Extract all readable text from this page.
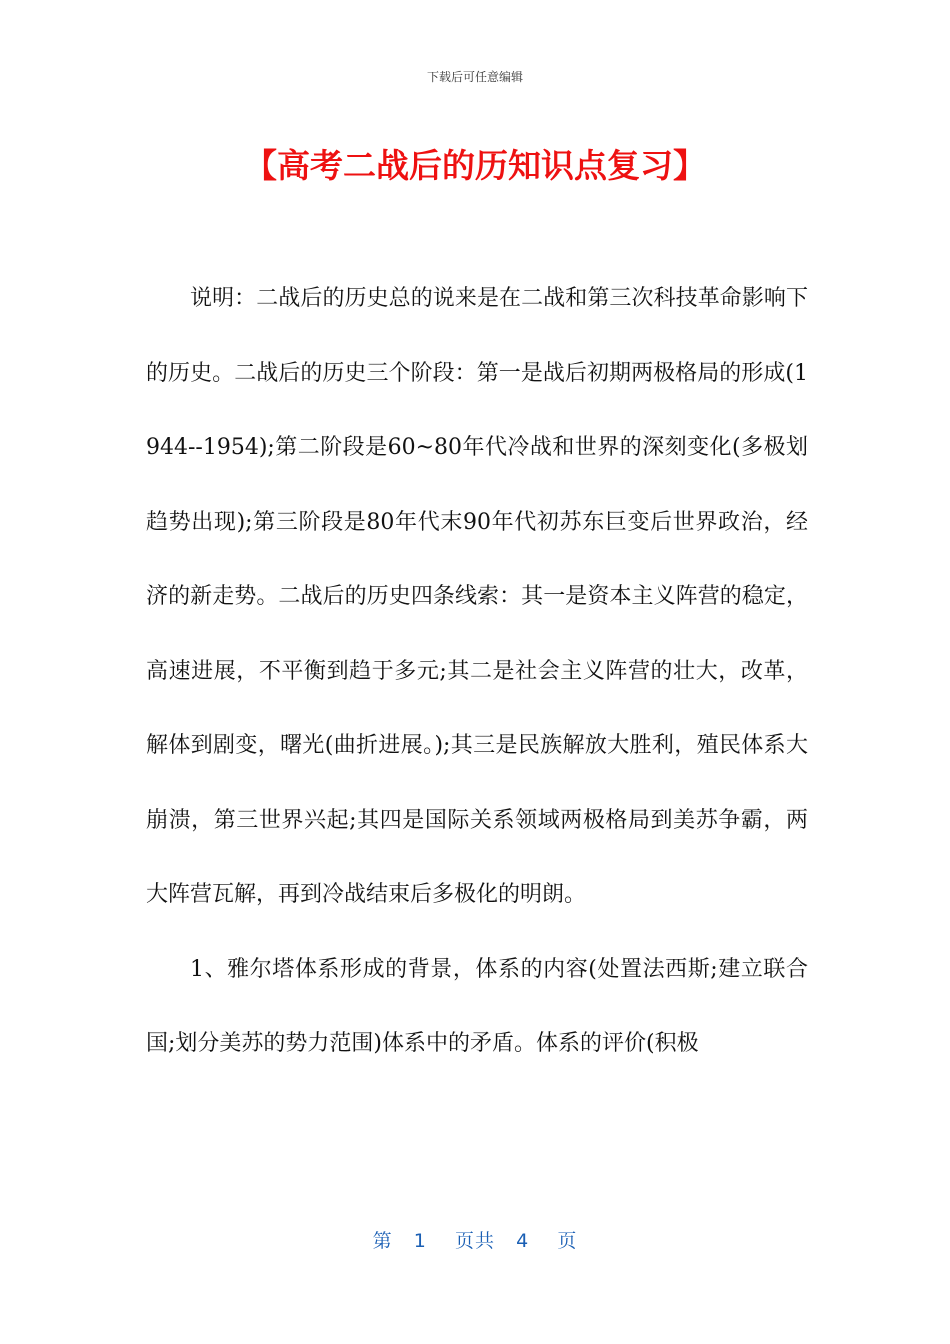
下载后可任意编辑
【高考二战后的历知识点复习】

说明：二战后的历史总的说来是在二战和第三次科技革命影响下的历史。二战后的历史三个阶段：第一是战后初期两极格局的形成(1944--1954);第二阶段是60~80年代冷战和世界的深刻变化(多极划趋势出现);第三阶段是80年代末90年代初苏东巨变后世界政治，经济的新走势。二战后的历史四条线索：其一是资本主义阵营的稳定，高速进展，不平衡到趋于多元;其二是社会主义阵营的壮大，改革，解体到剧变，曙光(曲折进展。);其三是民族解放大胜利，殖民体系大崩溃，第三世界兴起;其四是国际关系领域两极格局到美苏争霸，两大阵营瓦解，再到冷战结束后多极化的明朗。

1、雅尔塔体系形成的背景，体系的内容(处置法西斯;建立联合国;划分美苏的势力范围)体系中的矛盾。体系的评价(积极

第 1 页共 4 页
